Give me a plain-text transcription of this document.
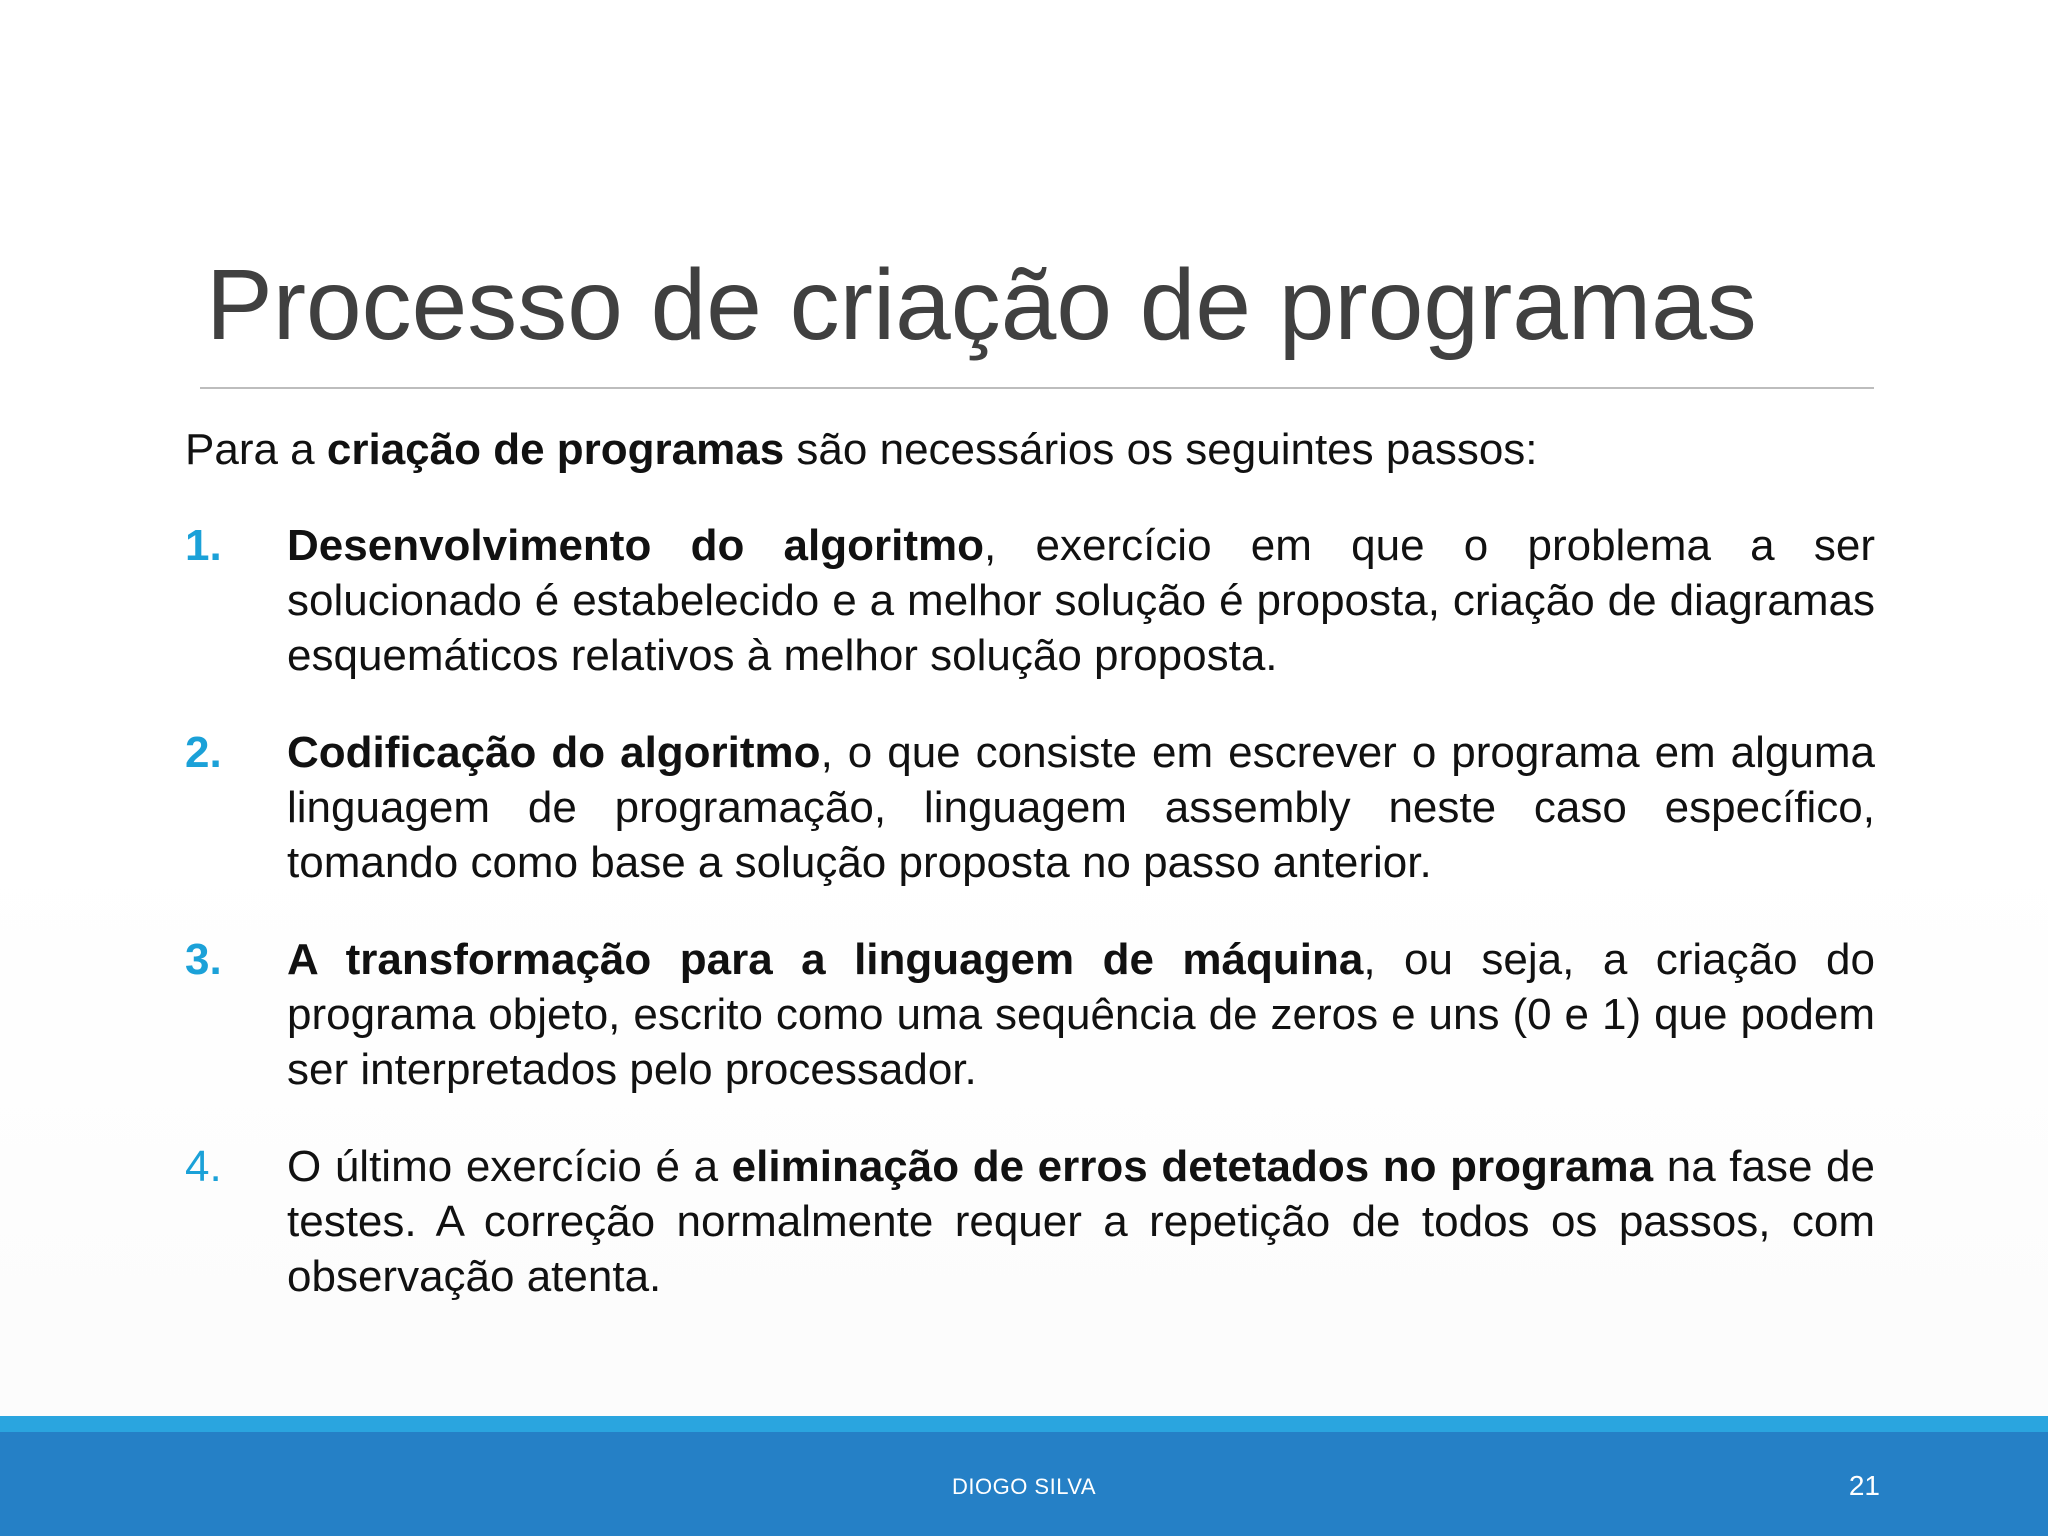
Processo de criação de programas
Para a criação de programas são necessários os seguintes passos:
1.	Desenvolvimento do algoritmo, exercício em que o problema a ser solucionado é estabelecido e a melhor solução é proposta, criação de diagramas esquemáticos relativos à melhor solução proposta.
2.	Codificação do algoritmo, o que consiste em escrever o programa em alguma linguagem de programação, linguagem assembly neste caso específico, tomando como base a solução proposta no passo anterior.
3.	A transformação para a linguagem de máquina, ou seja, a criação do programa objeto, escrito como uma sequência de zeros e uns (0 e 1) que podem ser interpretados pelo processador.
4.	O último exercício é a eliminação de erros detetados no programa na fase de testes. A correção normalmente requer a repetição de todos os passos, com observação atenta.
DIOGO SILVA	21
